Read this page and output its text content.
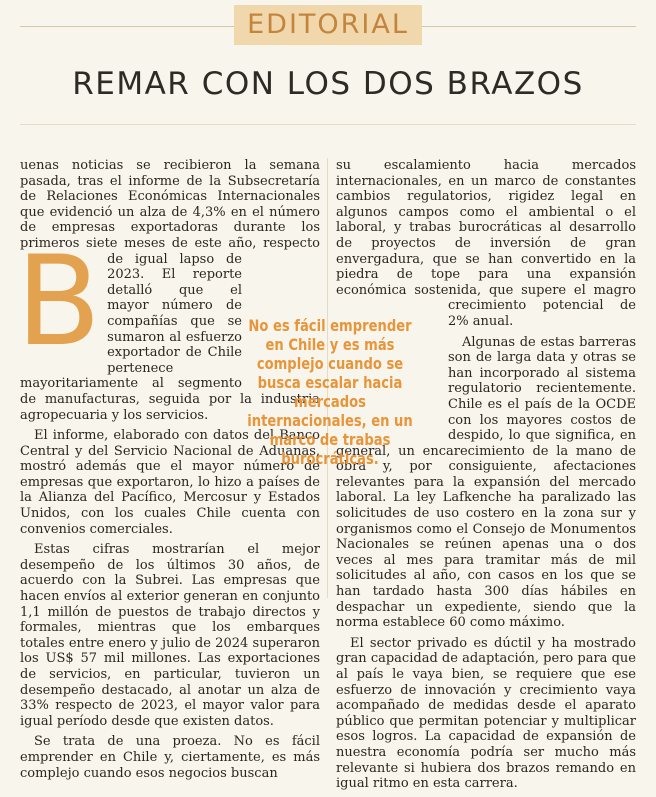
EDITORIAL
REMAR CON LOS DOS BRAZOS
B

uenas noticias se recibieron la semana pasada, tras el informe de la Subsecretaría de Relaciones Económicas Internacionales que evidenció un alza de 4,3% en el número de empresas exportadoras durante los primeros siete meses de este año, respecto de igual lapso de 2023. El reporte detalló que el mayor número de compañías que se sumaron al esfuerzo exportador de Chile pertenece mayoritariamente al segmento de manufacturas, seguida por la industria agropecuaria y los servicios.

El informe, elaborado con datos del Banco Central y del Servicio Nacional de Aduanas, mostró además que el mayor número de empresas que exportaron, lo hizo a países de la Alianza del Pacífico, Mercosur y Estados Unidos, con los cuales Chile cuenta con convenios comerciales.

Estas cifras mostrarían el mejor desempeño de los últimos 30 años, de acuerdo con la Subrei. Las empresas que hacen envíos al exterior generan en conjunto 1,1 millón de puestos de trabajo directos y formales, mientras que los embarques totales entre enero y julio de 2024 superaron los US$ 57 mil millones. Las exportaciones de servicios, en particular, tuvieron un desempeño destacado, al anotar un alza de 33% respecto de 2023, el mayor valor para igual período desde que existen datos.

Se trata de una proeza. No es fácil emprender en Chile y, ciertamente, es más complejo cuando esos negocios buscan

su escalamiento hacia mercados internacionales, en un marco de constantes cambios regulatorios, rigidez legal en algunos campos como el ambiental o el laboral, y trabas burocráticas al desarrollo de proyectos de inversión de gran envergadura, que se han convertido en la piedra de tope para una expansión económica sostenida, que supere el magro crecimiento potencial de 2% anual.

Algunas de estas barreras son de larga data y otras se han incorporado al sistema regulatorio recientemente. Chile es el país de la OCDE con los mayores costos de despido, lo que significa, en general, un encarecimiento de la mano de obra y, por consiguiente, afectaciones relevantes para la expansión del mercado laboral. La ley Lafkenche ha paralizado las solicitudes de uso costero en la zona sur y organismos como el Consejo de Monumentos Nacionales se reúnen apenas una o dos veces al mes para tramitar más de mil solicitudes al año, con casos en los que se han tardado hasta 300 días hábiles en despachar un expediente, siendo que la norma establece 60 como máximo.

El sector privado es dúctil y ha mostrado gran capacidad de adaptación, pero para que al país le vaya bien, se requiere que ese esfuerzo de innovación y crecimiento vaya acompañado de medidas desde el aparato público que permitan potenciar y multiplicar esos logros. La capacidad de expansión de nuestra economía podría ser mucho más relevante si hubiera dos brazos remando en igual ritmo en esta carrera.

No es fácil emprender en Chile y es más complejo cuando se busca escalar hacia mercados internacionales, en un marco de trabas burocráticas.
